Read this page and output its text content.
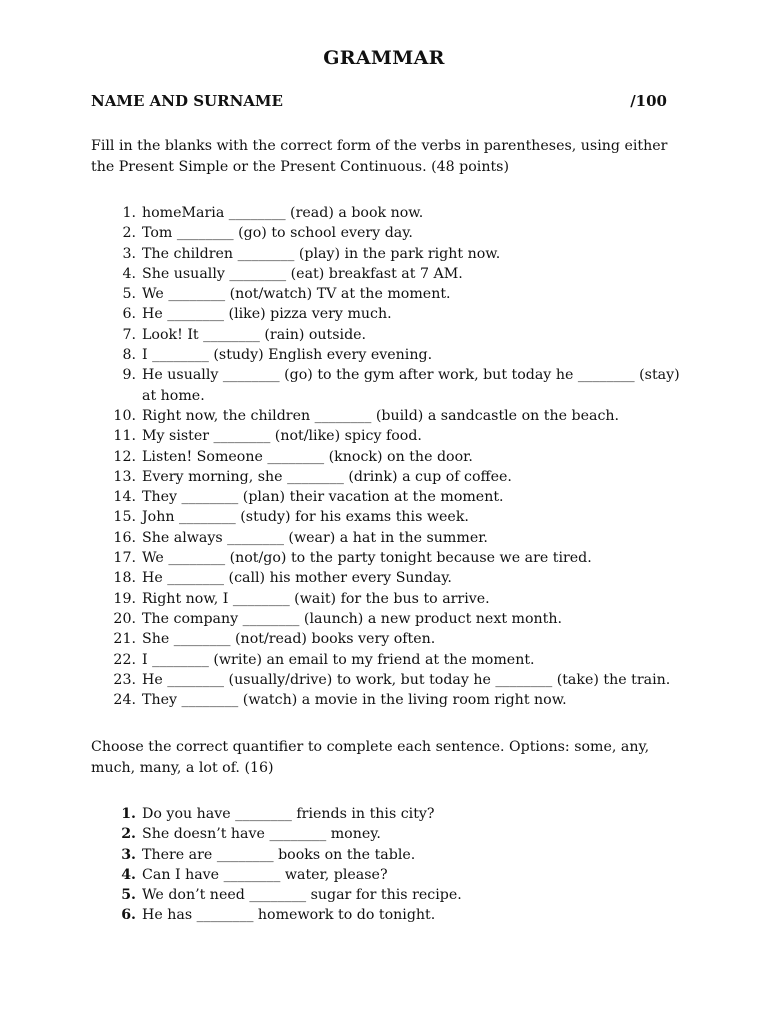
GRAMMAR
NAME AND SURNAME	/100
Fill in the blanks with the correct form of the verbs in parentheses, using either the Present Simple or the Present Continuous. (48 points)
1. homeMaria ________ (read) a book now.
2. Tom ________ (go) to school every day.
3. The children ________ (play) in the park right now.
4. She usually ________ (eat) breakfast at 7 AM.
5. We ________ (not/watch) TV at the moment.
6. He ________ (like) pizza very much.
7. Look! It ________ (rain) outside.
8. I ________ (study) English every evening.
9. He usually ________ (go) to the gym after work, but today he ________ (stay) at home.
10. Right now, the children ________ (build) a sandcastle on the beach.
11. My sister ________ (not/like) spicy food.
12. Listen! Someone ________ (knock) on the door.
13. Every morning, she ________ (drink) a cup of coffee.
14. They ________ (plan) their vacation at the moment.
15. John ________ (study) for his exams this week.
16. She always ________ (wear) a hat in the summer.
17. We ________ (not/go) to the party tonight because we are tired.
18. He ________ (call) his mother every Sunday.
19. Right now, I ________ (wait) for the bus to arrive.
20. The company ________ (launch) a new product next month.
21. She ________ (not/read) books very often.
22. I ________ (write) an email to my friend at the moment.
23. He ________ (usually/drive) to work, but today he ________ (take) the train.
24. They ________ (watch) a movie in the living room right now.
Choose the correct quantifier to complete each sentence. Options: some, any, much, many, a lot of. (16)
1. Do you have ________ friends in this city?
2. She doesn’t have ________ money.
3. There are ________ books on the table.
4. Can I have ________ water, please?
5. We don’t need ________ sugar for this recipe.
6. He has ________ homework to do tonight.
